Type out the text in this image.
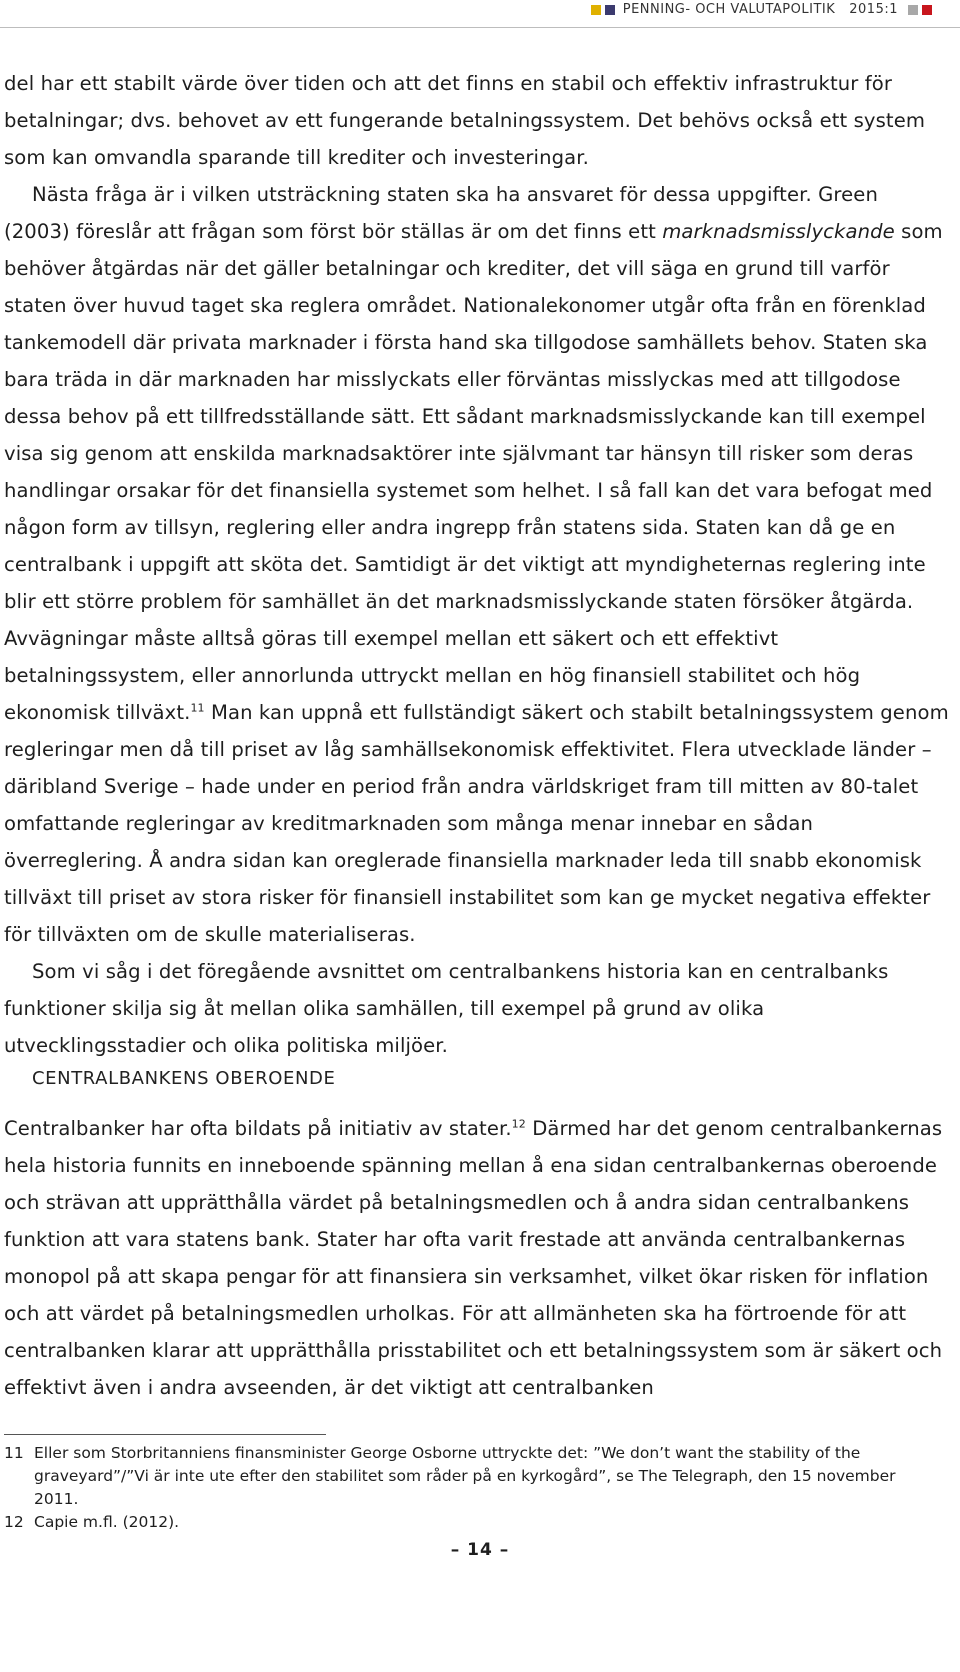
PENNING- OCH VALUTAPOLITIK 2015:1

del har ett stabilt värde över tiden och att det finns en stabil och effektiv infrastruktur för betalningar; dvs. behovet av ett fungerande betalningssystem. Det behövs också ett system som kan omvandla sparande till krediter och investeringar.

Nästa fråga är i vilken utsträckning staten ska ha ansvaret för dessa uppgifter. Green (2003) föreslår att frågan som först bör ställas är om det finns ett marknadsmisslyckande som behöver åtgärdas när det gäller betalningar och krediter, det vill säga en grund till varför staten över huvud taget ska reglera området. Nationalekonomer utgår ofta från en förenklad tankemodell där privata marknader i första hand ska tillgodose samhällets behov. Staten ska bara träda in där marknaden har misslyckats eller förväntas misslyckas med att tillgodose dessa behov på ett tillfredsställande sätt. Ett sådant marknadsmisslyckande kan till exempel visa sig genom att enskilda marknadsaktörer inte självmant tar hänsyn till risker som deras handlingar orsakar för det finansiella systemet som helhet. I så fall kan det vara befogat med någon form av tillsyn, reglering eller andra ingrepp från statens sida. Staten kan då ge en centralbank i uppgift att sköta det. Samtidigt är det viktigt att myndigheternas reglering inte blir ett större problem för samhället än det marknadsmisslyckande staten försöker åtgärda. Avvägningar måste alltså göras till exempel mellan ett säkert och ett effektivt betalningssystem, eller annorlunda uttryckt mellan en hög finansiell stabilitet och hög ekonomisk tillväxt.$^{11}$ Man kan uppnå ett fullständigt säkert och stabilt betalningssystem genom regleringar men då till priset av låg samhällsekonomisk effektivitet. Flera utvecklade länder – däribland Sverige – hade under en period från andra världskriget fram till mitten av 80-talet omfattande regleringar av kreditmarknaden som många menar innebar en sådan överreglering. Å andra sidan kan oreglerade finansiella marknader leda till snabb ekonomisk tillväxt till priset av stora risker för finansiell instabilitet som kan ge mycket negativa effekter för tillväxten om de skulle materialiseras.

Som vi såg i det föregående avsnittet om centralbankens historia kan en centralbanks funktioner skilja sig åt mellan olika samhällen, till exempel på grund av olika utvecklingsstadier och olika politiska miljöer.

CENTRALBANKENS OBEROENDE

Centralbanker har ofta bildats på initiativ av stater.$^{12}$ Därmed har det genom centralbankernas hela historia funnits en inneboende spänning mellan å ena sidan centralbankernas oberoende och strävan att upprätthålla värdet på betalningsmedlen och å andra sidan centralbankens funktion att vara statens bank. Stater har ofta varit frestade att använda centralbankernas monopol på att skapa pengar för att finansiera sin verksamhet, vilket ökar risken för inflation och att värdet på betalningsmedlen urholkas. För att allmänheten ska ha förtroende för att centralbanken klarar att upprätthålla prisstabilitet och ett betalningssystem som är säkert och effektivt även i andra avseenden, är det viktigt att centralbanken

11 Eller som Storbritanniens finansminister George Osborne uttryckte det: ”We don’t want the stability of the graveyard”/”Vi är inte ute efter den stabilitet som råder på en kyrkogård”, se The Telegraph, den 15 november 2011.
12 Capie m.fl. (2012).
– 14 –
